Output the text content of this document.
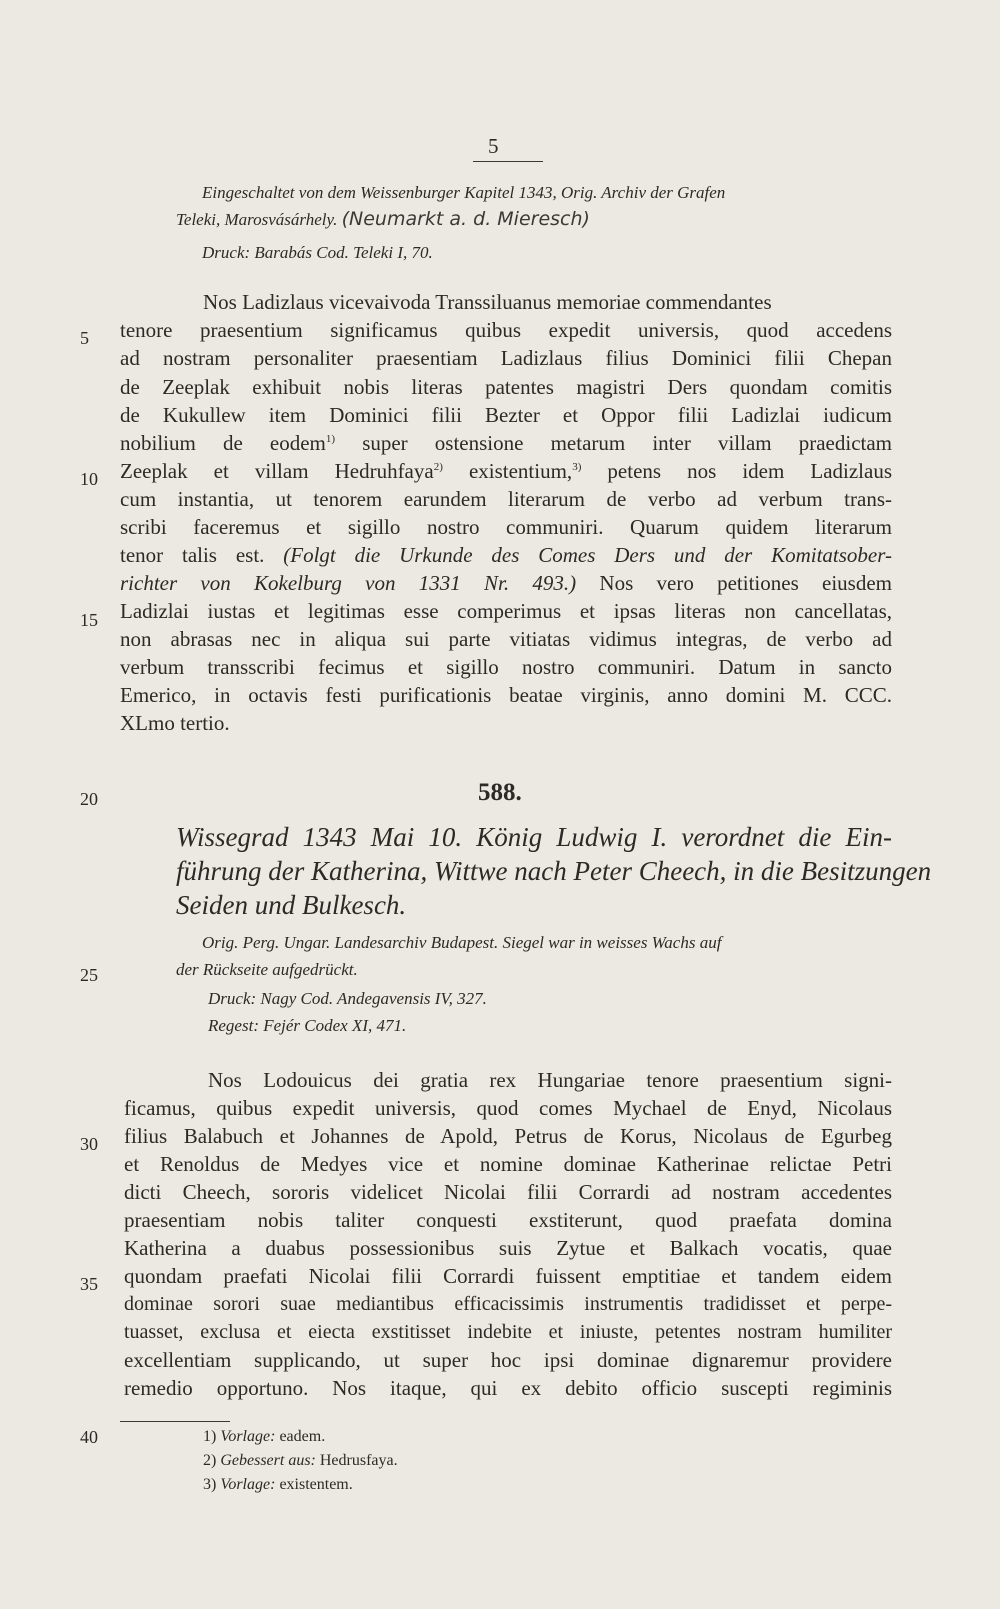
5
Eingeschaltet von dem Weissenburger Kapitel 1343, Orig. Archiv der Grafen
Teleki, Marosvásárhely. (Neumarkt a. d. Mieresch)
Druck: Barabás Cod. Teleki I, 70.
Nos Ladizlaus vicevaivoda Transsiluanus memoriae commendantes
tenore praesentium significamus quibus expedit universis, quod accedens
ad nostram personaliter praesentiam Ladizlaus filius Dominici filii Chepan
de Zeeplak exhibuit nobis literas patentes magistri Ders quondam comitis
de Kukullew item Dominici filii Bezter et Oppor filii Ladizlai iudicum
nobilium de eodem$^{1)}$ super ostensione metarum inter villam praedictam
Zeeplak et villam Hedruhfaya$^{2)}$ existentium,$^{3)}$ petens nos idem Ladizlaus
cum instantia, ut tenorem earundem literarum de verbo ad verbum trans-
scribi faceremus et sigillo nostro communiri. Quarum quidem literarum
tenor talis est. (Folgt die Urkunde des Comes Ders und der Komitatsober-
richter von Kokelburg von 1331 Nr. 493.) Nos vero petitiones eiusdem
Ladizlai iustas et legitimas esse comperimus et ipsas literas non cancellatas,
non abrasas nec in aliqua sui parte vitiatas vidimus integras, de verbo ad
verbum transscribi fecimus et sigillo nostro communiri. Datum in sancto
Emerico, in octavis festi purificationis beatae virginis, anno domini M. CCC.
XLmo tertio.
588.
Wissegrad 1343 Mai 10. König Ludwig I. verordnet die Ein-
führung der Katherina, Wittwe nach Peter Cheech, in die Besitzungen
Seiden und Bulkesch.
Orig. Perg. Ungar. Landesarchiv Budapest. Siegel war in weisses Wachs auf
der Rückseite aufgedrückt.
Druck: Nagy Cod. Andegavensis IV, 327.
Regest: Fejér Codex XI, 471.
Nos Lodouicus dei gratia rex Hungariae tenore praesentium signi-
ficamus, quibus expedit universis, quod comes Mychael de Enyd, Nicolaus
filius Balabuch et Johannes de Apold, Petrus de Korus, Nicolaus de Egurbeg
et Renoldus de Medyes vice et nomine dominae Katherinae relictae Petri
dicti Cheech, sororis videlicet Nicolai filii Corrardi ad nostram accedentes
praesentiam nobis taliter conquesti exstiterunt, quod praefata domina
Katherina a duabus possessionibus suis Zytue et Balkach vocatis, quae
quondam praefati Nicolai filii Corrardi fuissent emptitiae et tandem eidem
dominae sorori suae mediantibus efficacissimis instrumentis tradidisset et perpe-
tuasset, exclusa et eiecta exstitisset indebite et iniuste, petentes nostram humiliter
excellentiam supplicando, ut super hoc ipsi dominae dignaremur providere
remedio opportuno. Nos itaque, qui ex debito officio suscepti regiminis
5
10
15
20
25
30
35
40	1) Vorlage: eadem.
2) Gebessert aus: Hedrusfaya.
3) Vorlage: existentem.
